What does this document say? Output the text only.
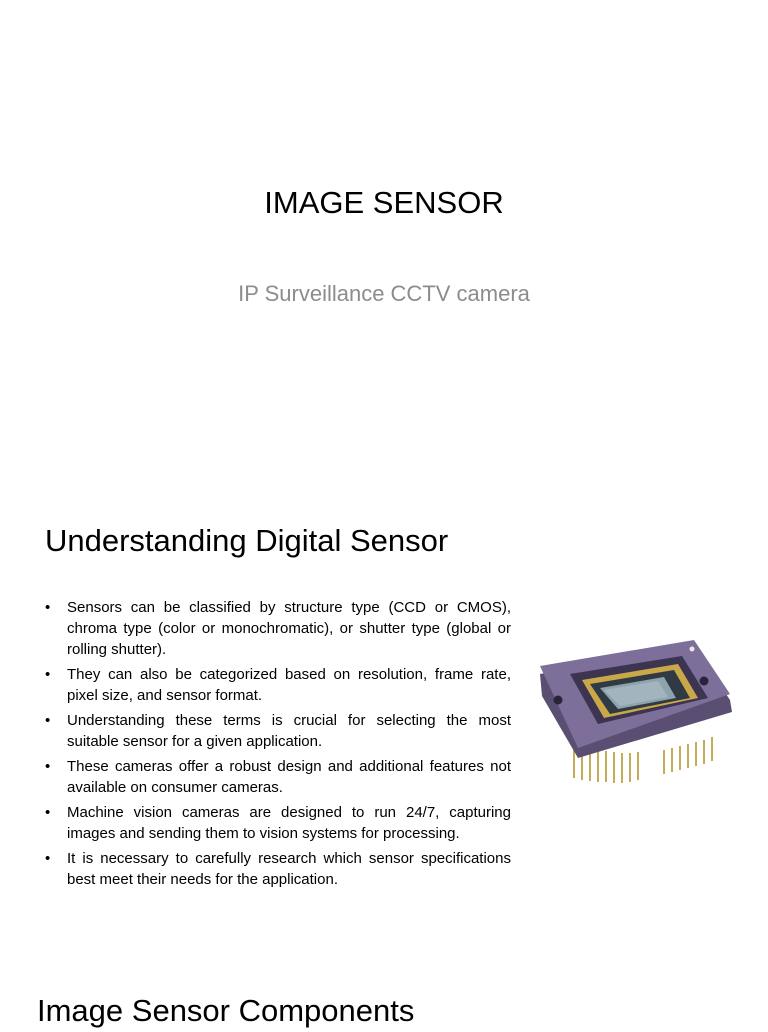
IMAGE SENSOR
IP Surveillance CCTV camera
Understanding Digital Sensor
• Sensors can be classified by structure type (CCD or CMOS), chroma type (color or monochromatic), or shutter type (global or rolling shutter).
• They can also be categorized based on resolution, frame rate, pixel size, and sensor format.
• Understanding these terms is crucial for selecting the most suitable sensor for a given application.
• These cameras offer a robust design and additional features not available on consumer cameras.
• Machine vision cameras are designed to run 24/7, capturing images and sending them to vision systems for processing.
• It is necessary to carefully research which sensor specifications best meet their needs for the application.
Image Sensor Components
